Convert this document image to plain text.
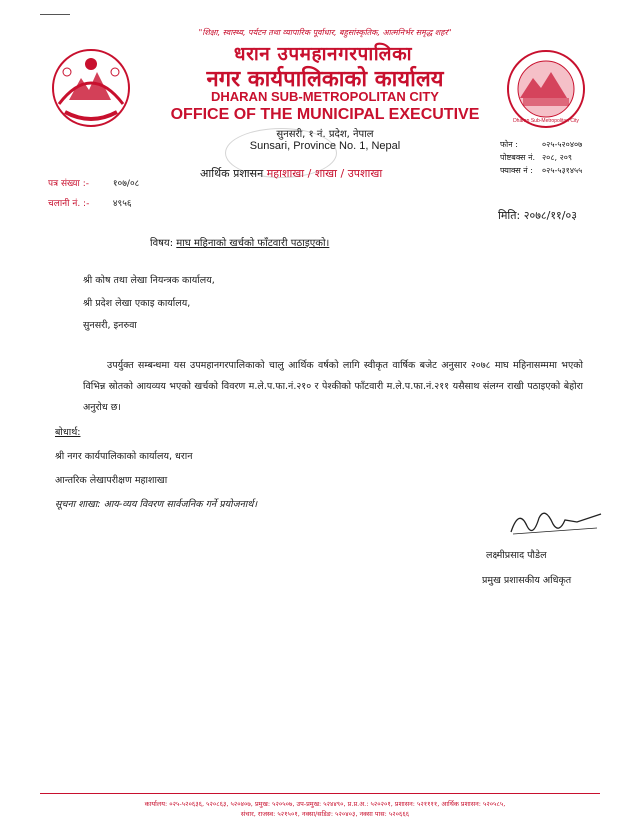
"शिक्षा, स्वास्थ्य, पर्यटन तथा व्यापारिक पूर्वाधार, बहुसांस्कृतिक, आत्मनिर्भर समृद्ध शहर"
धरान उपमहानगरपालिका
नगर कार्यपालिकाको कार्यालय
DHARAN SUB-METROPOLITAN CITY
OFFICE OF THE MUNICIPAL EXECUTIVE
सुनसरी, १ नं. प्रदेश, नेपाल
Sunsari, Province No. 1, Nepal
Dharan Sub-Metropolitan City
फोन :	०२५-५२०४०७
पोष्टबक्स नं. २०८, २०९
फ्याक्स नं : ०२५-५३१४५५
आर्थिक प्रशासन महाशाखा / शाखा / उपशाखा
पत्र संख्या :-	१०७/०८
चलानी नं. :-	४९५६
मिति: २०७८/११/०३
विषय: माघ महिनाको खर्चको फाँटवारी पठाइएको।
श्री कोष तथा लेखा नियन्त्रक कार्यालय,
श्री प्रदेश लेखा एकाइ कार्यालय,
सुनसरी, इनरुवा
उपर्युक्त सम्बन्धमा यस उपमहानगरपालिकाको चालु आर्थिक वर्षको लागि स्वीकृत वार्षिक बजेट अनुसार २०७८ माघ महिनासम्ममा भएको विभिन्न स्रोतको आयव्यय भएको खर्चको विवरण म.ले.प.फा.नं.२१० र पेश्कीको फाँटवारी म.ले.प.फा.नं.२११ यसैसाथ संलग्न राखी पठाइएको बेहोरा अनुरोध छ।
बोधार्थ:
श्री नगर कार्यपालिकाको कार्यालय, धरान
आन्तरिक लेखापरीक्षण महाशाखा
सूचना शाखा: आय-व्यय विवरण सार्वजनिक गर्ने प्रयोजनार्थ।
लक्ष्मीप्रसाद पौडेल
प्रमुख प्रशासकीय अधिकृत
कार्यालय: ०२५-५२०६३६, ५२०८६३, ५२०४०७, प्रमुख: ५२०५०७, उप-प्रमुख: ५२४४९०, प्र.प्र.अ.: ५२०२०१, प्रशासन: ५२११११, आर्थिक प्रशासन: ५२०५८५,
संचार, राजस्व: ५२१५०१, नक्सा/सडिङ: ५२०४०३, नक्सा पास: ५२०६६६
